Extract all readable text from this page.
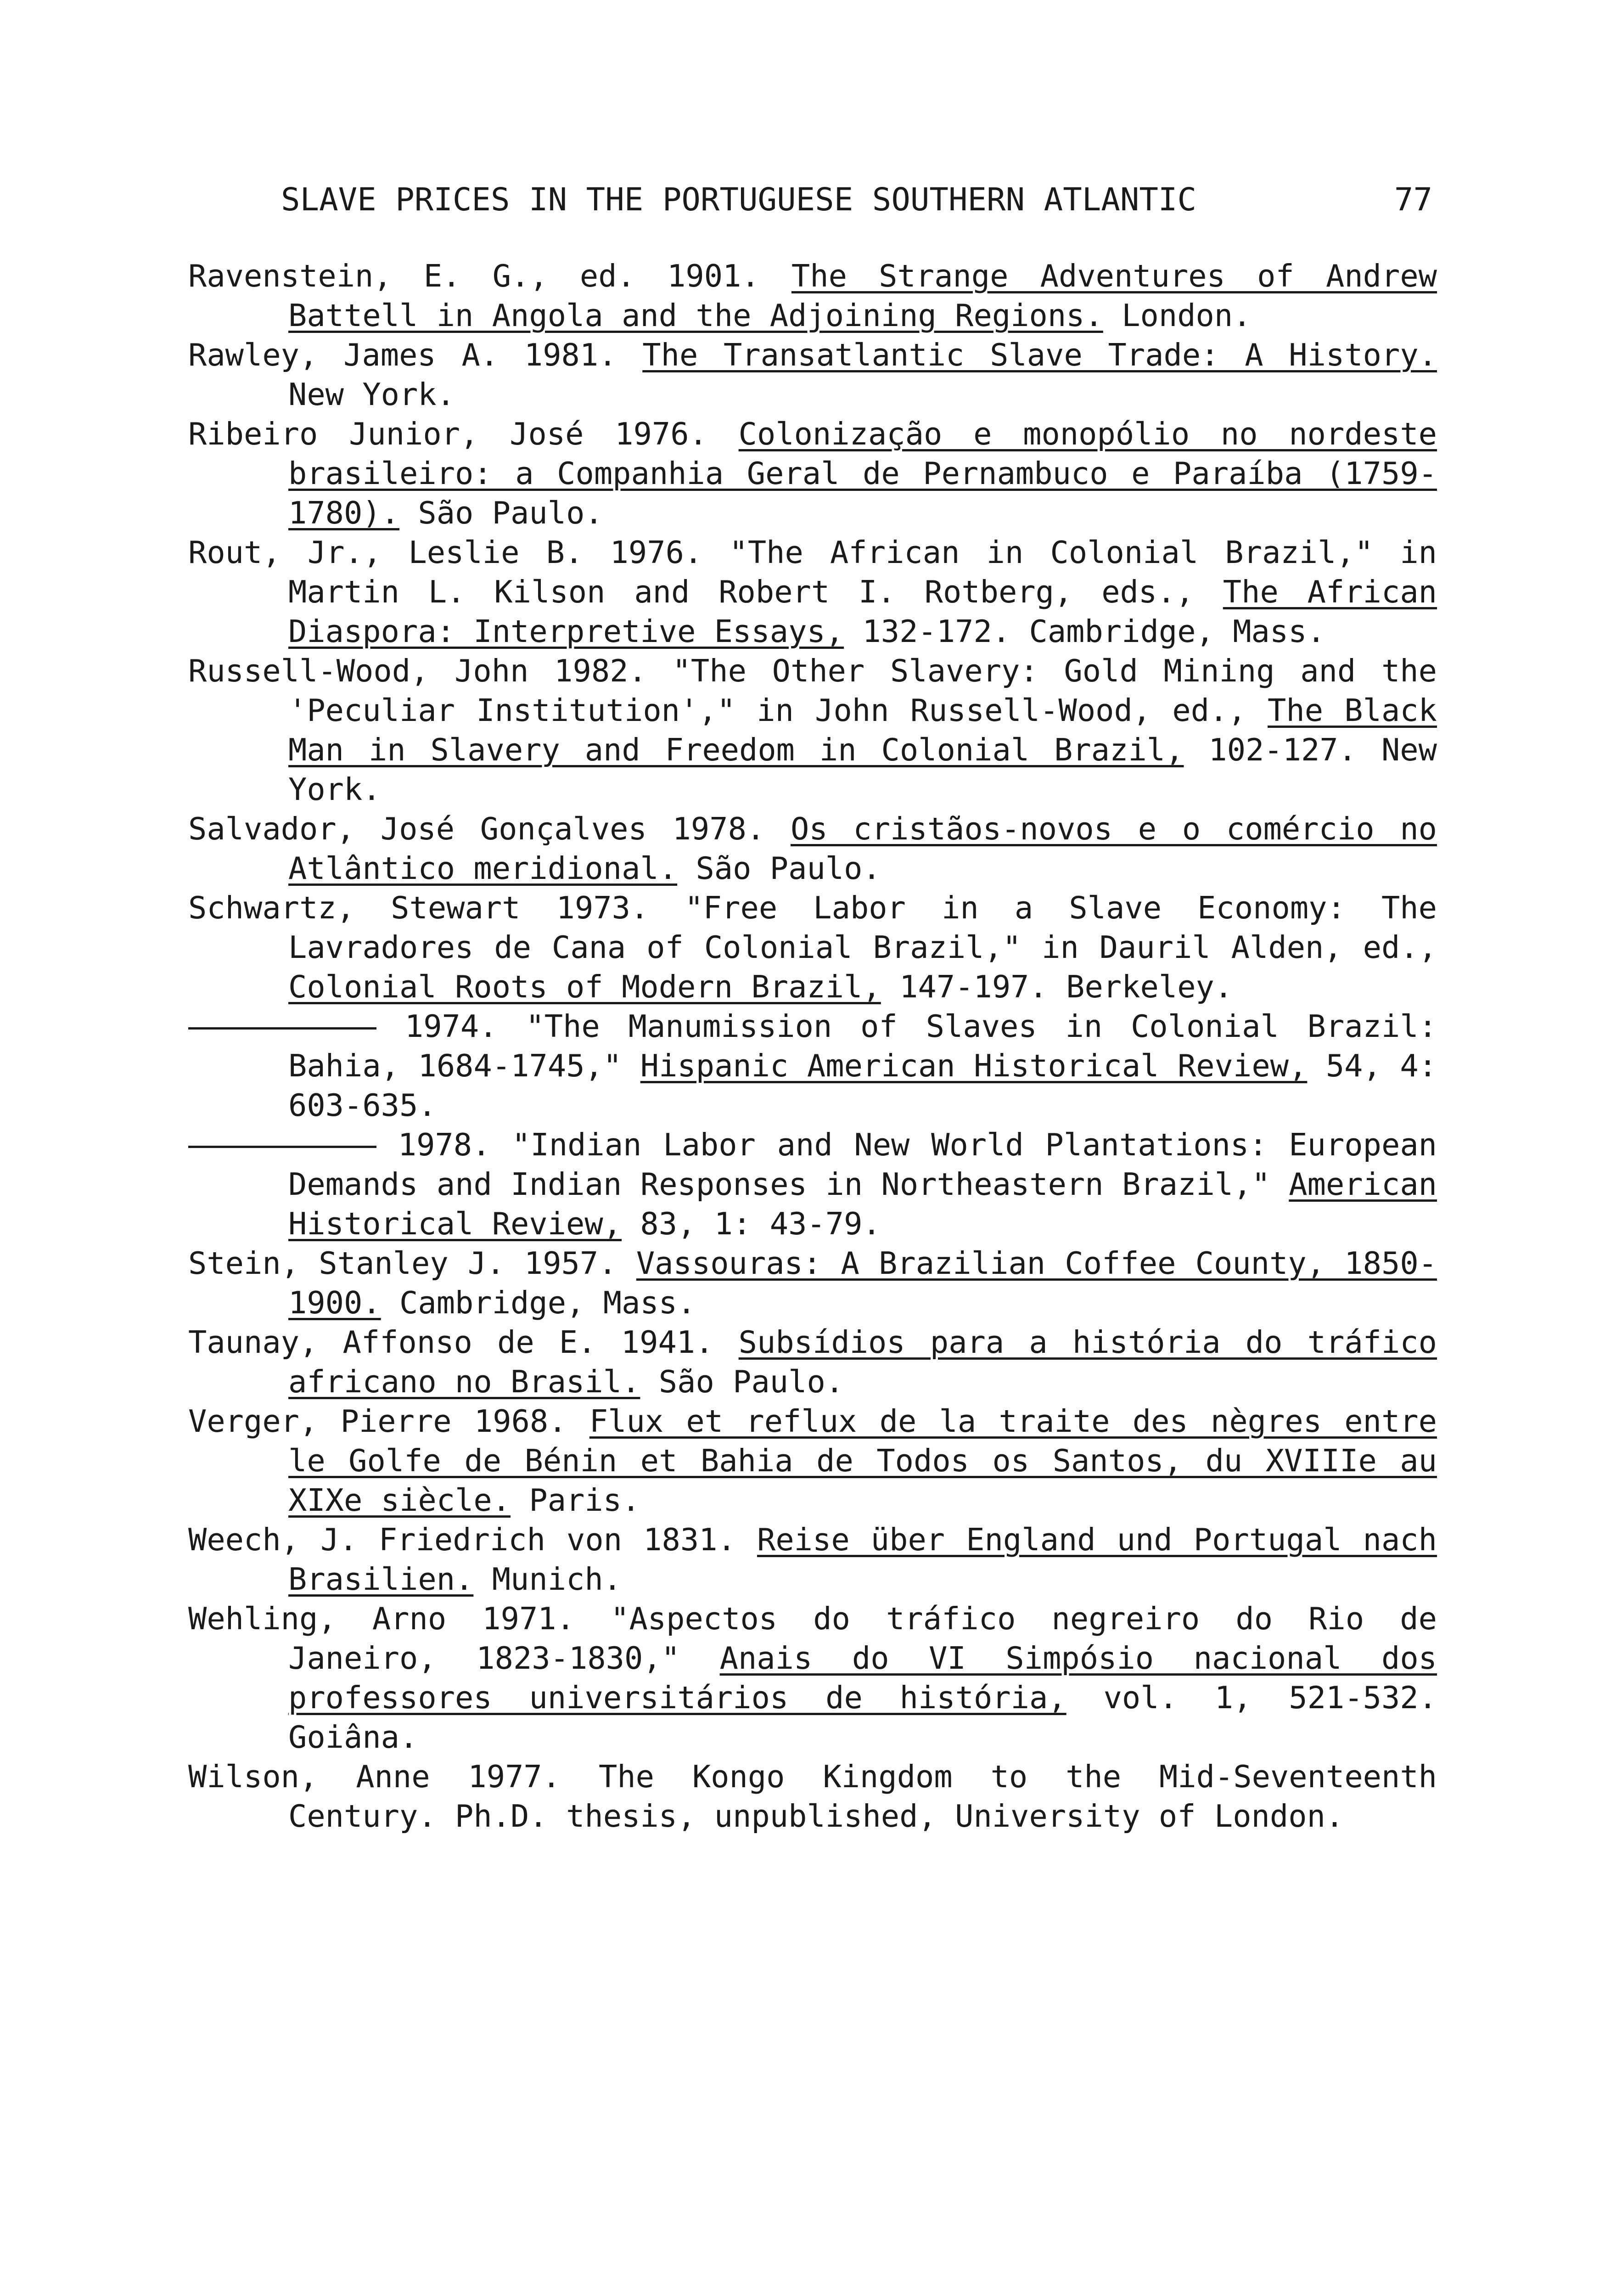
SLAVE PRICES IN THE PORTUGUESE SOUTHERN ATLANTIC	77

Ravenstein, E. G., ed. 1901. The Strange Adventures of Andrew Battell in Angola and the Adjoining Regions. London.

Rawley, James A. 1981. The Transatlantic Slave Trade: A History. New York.

Ribeiro Junior, José 1976. Colonização e monopólio no nordeste brasileiro: a Companhia Geral de Pernambuco e Paraíba (1759-1780). São Paulo.

Rout, Jr., Leslie B. 1976. "The African in Colonial Brazil," in Martin L. Kilson and Robert I. Rotberg, eds., The African Diaspora: Interpretive Essays, 132-172. Cambridge, Mass.

Russell-Wood, John 1982. "The Other Slavery: Gold Mining and the 'Peculiar Institution'," in John Russell-Wood, ed., The Black Man in Slavery and Freedom in Colonial Brazil, 102-127. New York.

Salvador, José Gonçalves 1978. Os cristãos-novos e o comércio no Atlântico meridional. São Paulo.

Schwartz, Stewart 1973. "Free Labor in a Slave Economy: The Lavradores de Cana of Colonial Brazil," in Dauril Alden, ed., Colonial Roots of Modern Brazil, 147-197. Berkeley.

1974. "The Manumission of Slaves in Colonial Brazil: Bahia, 1684-1745," Hispanic American Historical Review, 54, 4: 603-635.

1978. "Indian Labor and New World Plantations: European Demands and Indian Responses in Northeastern Brazil," American Historical Review, 83, 1: 43-79.

Stein, Stanley J. 1957. Vassouras: A Brazilian Coffee County, 1850-1900. Cambridge, Mass.

Taunay, Affonso de E. 1941. Subsídios para a história do tráfico africano no Brasil. São Paulo.

Verger, Pierre 1968. Flux et reflux de la traite des nègres entre le Golfe de Bénin et Bahia de Todos os Santos, du XVIIIe au XIXe siècle. Paris.

Weech, J. Friedrich von 1831. Reise über England und Portugal nach Brasilien. Munich.

Wehling, Arno 1971. "Aspectos do tráfico negreiro do Rio de Janeiro, 1823-1830," Anais do VI Simpósio nacional dos professores universitários de história, vol. 1, 521-532. Goiâna.

Wilson, Anne 1977. The Kongo Kingdom to the Mid-Seventeenth Century. Ph.D. thesis, unpublished, University of London.
